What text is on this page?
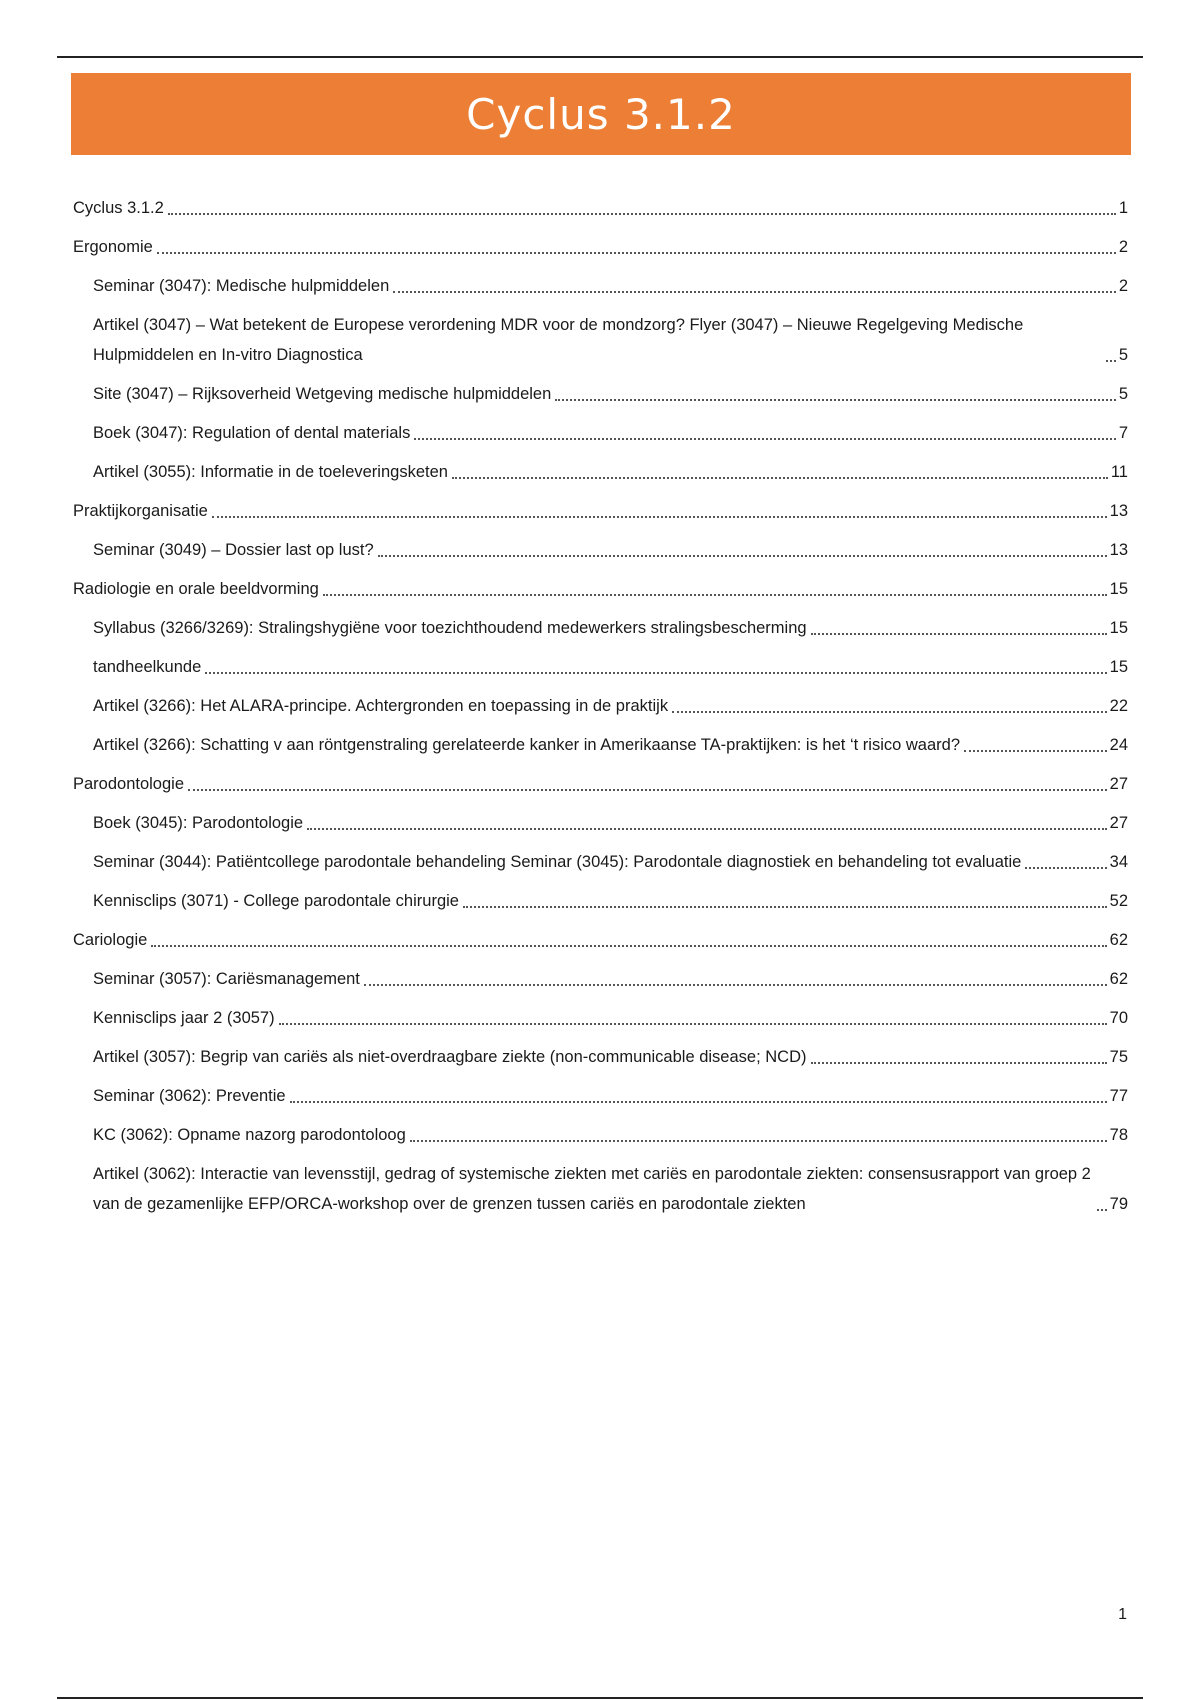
Cyclus 3.1.2
Cyclus 3.1.2	1
Ergonomie	2
Seminar (3047): Medische hulpmiddelen	2
Artikel (3047) – Wat betekent de Europese verordening MDR voor de mondzorg? Flyer (3047) – Nieuwe Regelgeving Medische Hulpmiddelen en In-vitro Diagnostica	5
Site (3047) – Rijksoverheid Wetgeving medische hulpmiddelen	5
Boek (3047): Regulation of dental materials	7
Artikel (3055): Informatie in de toeleveringsketen	11
Praktijkorganisatie	13
Seminar (3049) – Dossier last op lust?	13
Radiologie en orale beeldvorming	15
Syllabus (3266/3269): Stralingshygiëne voor toezichthoudend medewerkers stralingsbescherming	15
tandheelkunde	15
Artikel (3266): Het ALARA-principe. Achtergronden en toepassing in de praktijk	22
Artikel (3266): Schatting v aan röntgenstraling gerelateerde kanker in Amerikaanse TA-praktijken: is het ‘t risico waard?	24
Parodontologie	27
Boek (3045): Parodontologie	27
Seminar (3044): Patiëntcollege parodontale behandeling Seminar (3045): Parodontale diagnostiek en behandeling tot evaluatie	34
Kennisclips (3071) - College parodontale chirurgie	52
Cariologie	62
Seminar (3057): Cariësmanagement	62
Kennisclips jaar 2 (3057)	70
Artikel (3057): Begrip van cariës als niet-overdraagbare ziekte (non-communicable disease; NCD)	75
Seminar (3062): Preventie	77
KC (3062): Opname nazorg parodontoloog	78
Artikel (3062): Interactie van levensstijl, gedrag of systemische ziekten met cariës en parodontale ziekten: consensusrapport van groep 2 van de gezamenlijke EFP/ORCA-workshop over de grenzen tussen cariës en parodontale ziekten	79
1
